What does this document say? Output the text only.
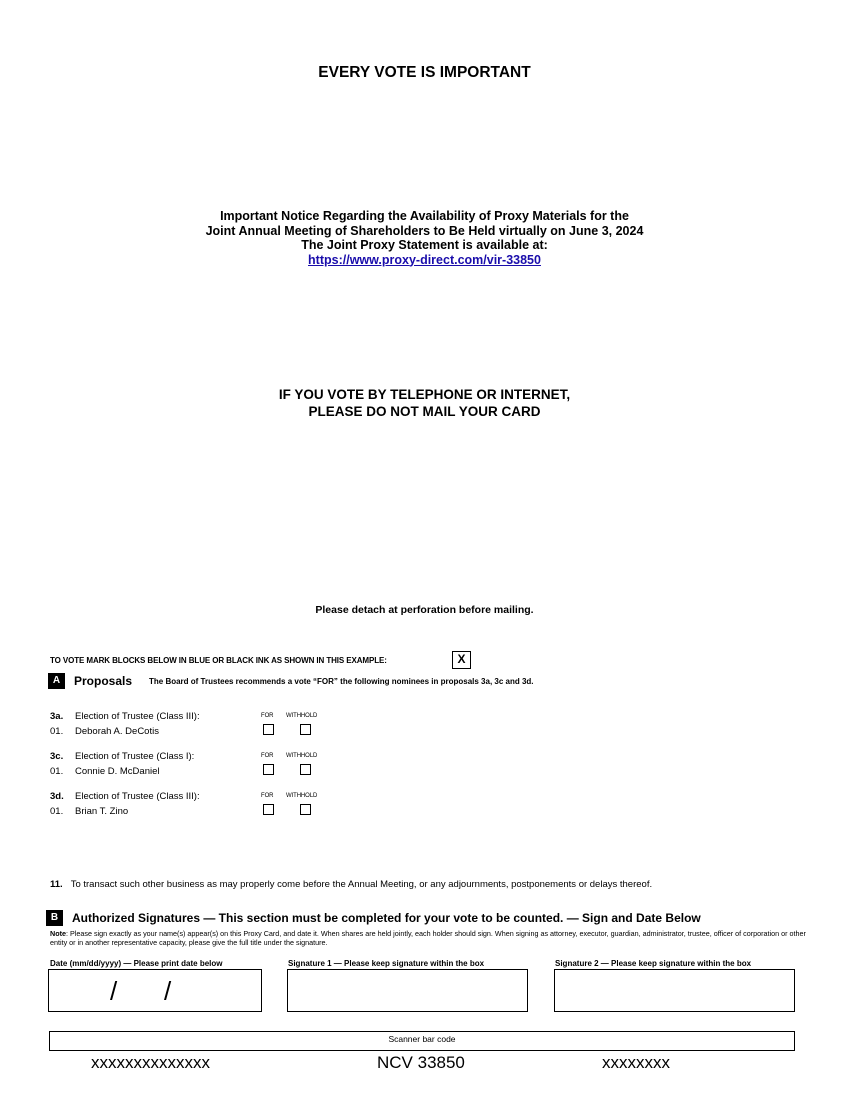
EVERY VOTE IS IMPORTANT
Important Notice Regarding the Availability of Proxy Materials for the
Joint Annual Meeting of Shareholders to Be Held virtually on June 3, 2024
The Joint Proxy Statement is available at:
https://www.proxy-direct.com/vir-33850
IF YOU VOTE BY TELEPHONE OR INTERNET,
PLEASE DO NOT MAIL YOUR CARD
Please detach at perforation before mailing.
TO VOTE MARK BLOCKS BELOW IN BLUE OR BLACK INK AS SHOWN IN THIS EXAMPLE:	X
A	Proposals The Board of Trustees recommends a vote “FOR” the following nominees in proposals 3a, 3c and 3d.
3a. Election of Trustee (Class III):
01. Deborah A. DeCotis
FOR WITHHOLD
3c. Election of Trustee (Class I):
01. Connie D. McDaniel
FOR WITHHOLD
3d. Election of Trustee (Class III):
01. Brian T. Zino
FOR WITHHOLD
11. To transact such other business as may properly come before the Annual Meeting, or any adjournments, postponements or delays thereof.
B	Authorized Signatures — This section must be completed for your vote to be counted. — Sign and Date Below
Note: Please sign exactly as your name(s) appear(s) on this Proxy Card, and date it. When shares are held jointly, each holder should sign. When signing as attorney, executor, guardian, administrator, trustee, officer of corporation or other entity or in another representative capacity, please give the full title under the signature.
Date (mm/dd/yyyy) — Please print date below	Signature 1 — Please keep signature within the box	Signature 2 — Please keep signature within the box
/ /
Scanner bar code
xxxxxxxxxxxxxx	NCV 33850	xxxxxxxx
